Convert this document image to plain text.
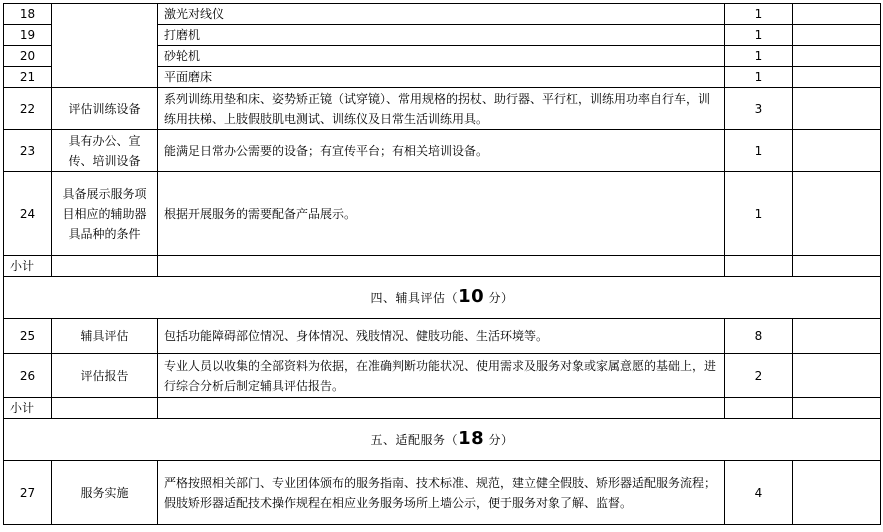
18		激光对线仪	1	
19		打磨机	1	
20		砂轮机	1	
21		平面磨床	1	
22	评估训练设备	系列训练用垫和床、姿势矫正镜（试穿镜）、常用规格的拐杖、助行器、平行杠，训练用功率自行车，训练用扶梯、上肢假肢肌电测试、训练仪及日常生活训练用具。	3	
23	具有办公、宣传、培训设备	能满足日常办公需要的设备；有宣传平台；有相关培训设备。	1	
24	具备展示服务项目相应的辅助器具品种的条件	根据开展服务的需要配备产品展示。	1	
小计				
四、辅具评估（10 分）				
25	辅具评估	包括功能障碍部位情况、身体情况、残肢情况、健肢功能、生活环境等。	8	
26	评估报告	专业人员以收集的全部资料为依据，在准确判断功能状况、使用需求及服务对象或家属意愿的基础上，进行综合分析后制定辅具评估报告。	2	
小计				
五、适配服务（18 分）				
27	服务实施	严格按照相关部门、专业团体颁布的服务指南、技术标准、规范，建立健全假肢、矫形器适配服务流程；假肢矫形器适配技术操作规程在相应业务服务场所上墙公示，便于服务对象了解、监督。	4	
